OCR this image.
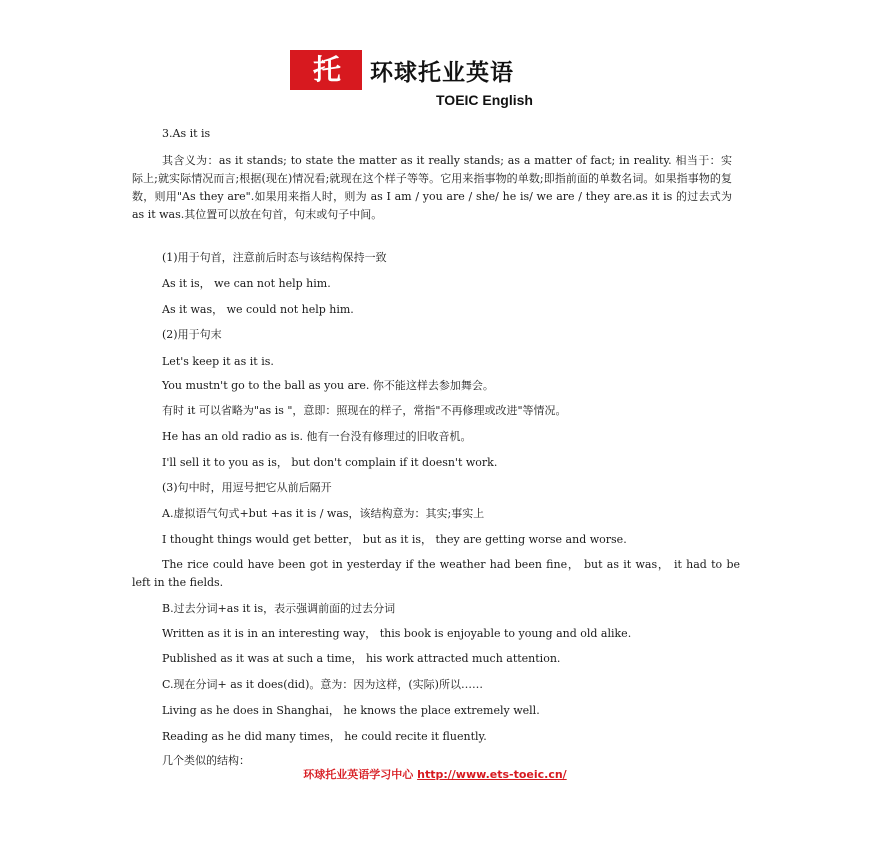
托	环球托业英语
TOEIC English
3.As it is
其含义为：as it stands; to state the matter as it really stands; as a matter of fact; in reality. 相当于：实际上;就实际情况而言;根据(现在)情况看;就现在这个样子等等。它用来指事物的单数;即指前面的单数名词。如果指事物的复数，则用"As they are".如果用来指人时，则为 as I am / you are / she/ he is/ we are / they are.as it is 的过去式为 as it was.其位置可以放在句首，句末或句子中间。
(1)用于句首，注意前后时态与该结构保持一致
As it is， we can not help him.
As it was， we could not help him.
(2)用于句末
Let's keep it as it is.
You mustn't go to the ball as you are. 你不能这样去参加舞会。
有时 it 可以省略为"as is "，意即：照现在的样子，常指"不再修理或改进"等情况。
He has an old radio as is. 他有一台没有修理过的旧收音机。
I'll sell it to you as is， but don't complain if it doesn't work.
(3)句中时，用逗号把它从前后隔开
A.虚拟语气句式+but +as it is / was，该结构意为：其实;事实上
I thought things would get better， but as it is， they are getting worse and worse.
The rice could have been got in yesterday if the weather had been fine， but as it was， it had to be left in the fields.
B.过去分词+as it is，表示强调前面的过去分词
Written as it is in an interesting way， this book is enjoyable to young and old alike.
Published as it was at such a time， his work attracted much attention.
C.现在分词+ as it does(did)。意为：因为这样，(实际)所以……
Living as he does in Shanghai， he knows the place extremely well.
Reading as he did many times， he could recite it fluently.
几个类似的结构：
环球托业英语学习中心 http://www.ets-toeic.cn/
